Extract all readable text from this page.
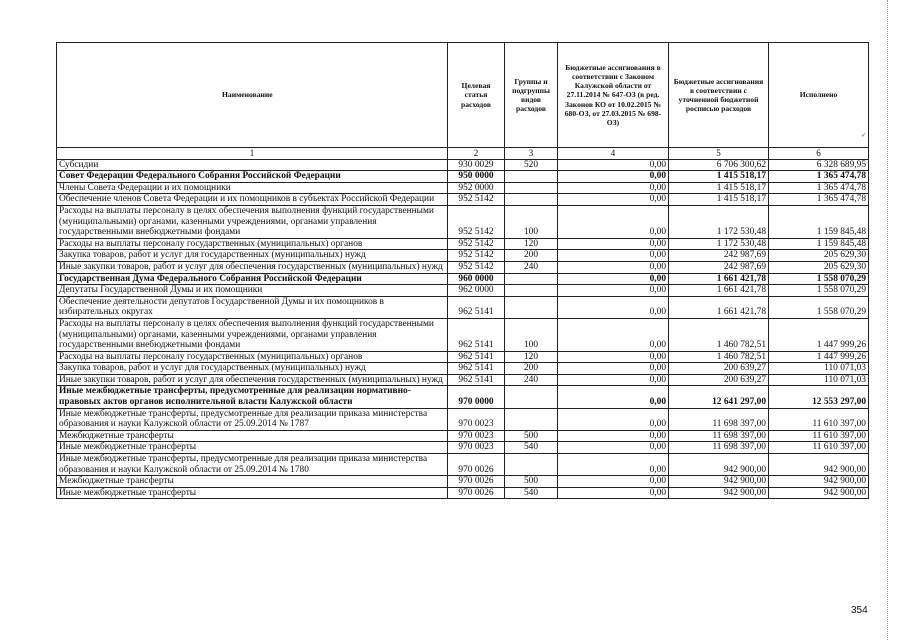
Наименование	Целевая статья расходов	Группы и подгруппы видов расходов	Бюджетные ассигнования в соответствии с Законом Калужской области от 27.11.2014 № 647-ОЗ (в ред. Законов КО от 10.02.2015 № 680-ОЗ, от 27.03.2015 № 698-ОЗ)	Бюджетные ассигнования в соответствии с уточненной бюджетной росписью расходов	Исполнено
✓

1	2	3	4	5	6
Субсидии	930 0029	520	0,00	6 706 300,62	6 328 689,95
Совет Федерации Федерального Собрания Российской Федерации	950 0000		0,00	1 415 518,17	1 365 474,78
Члены Совета Федерации и их помощники	952 0000		0,00	1 415 518,17	1 365 474,78
Обеспечение членов Совета Федерации и их помощников в субъектах Российской Федерации	952 5142		0,00	1 415 518,17	1 365 474,78
Расходы на выплаты персоналу в целях обеспечения выполнения функций государственными (муниципальными) органами, казенными учреждениями, органами управления государственными внебюджетными фондами	952 5142	100	0,00	1 172 530,48	1 159 845,48
Расходы на выплаты персоналу государственных (муниципальных) органов	952 5142	120	0,00	1 172 530,48	1 159 845,48
Закупка товаров, работ и услуг для государственных (муниципальных) нужд	952 5142	200	0,00	242 987,69	205 629,30
Иные закупки товаров, работ и услуг для обеспечения государственных (муниципальных) нужд	952 5142	240	0,00	242 987,69	205 629,30
Государственная Дума Федерального Собрания Российской Федерации	960 0000		0,00	1 661 421,78	1 558 070,29
Депутаты Государственной Думы и их помощники	962 0000		0,00	1 661 421,78	1 558 070,29
Обеспечение деятельности депутатов Государственной Думы и их помощников в избирательных округах	962 5141		0,00	1 661 421,78	1 558 070,29
Расходы на выплаты персоналу в целях обеспечения выполнения функций государственными (муниципальными) органами, казенными учреждениями, органами управления государственными внебюджетными фондами	962 5141	100	0,00	1 460 782,51	1 447 999,26
Расходы на выплаты персоналу государственных (муниципальных) органов	962 5141	120	0,00	1 460 782,51	1 447 999,26
Закупка товаров, работ и услуг для государственных (муниципальных) нужд	962 5141	200	0,00	200 639,27	110 071,03
Иные закупки товаров, работ и услуг для обеспечения государственных (муниципальных) нужд	962 5141	240	0,00	200 639,27	110 071,03
Иные межбюджетные трансферты, предусмотренные для реализации нормативно-правовых актов органов исполнительной власти Калужской области	970 0000		0,00	12 641 297,00	12 553 297,00
Иные межбюджетные трансферты, предусмотренные для реализации приказа министерства образования и науки Калужской области от 25.09.2014 № 1787	970 0023		0,00	11 698 397,00	11 610 397,00
Межбюджетные трансферты	970 0023	500	0,00	11 698 397,00	11 610 397,00
Иные межбюджетные трансферты	970 0023	540	0,00	11 698 397,00	11 610 397,00
Иные межбюджетные трансферты, предусмотренные для реализации приказа министерства образования и науки Калужской области от 25.09.2014 № 1780	970 0026		0,00	942 900,00	942 900,00
Межбюджетные трансферты	970 0026	500	0,00	942 900,00	942 900,00
Иные межбюджетные трансферты	970 0026	540	0,00	942 900,00	942 900,00
354
